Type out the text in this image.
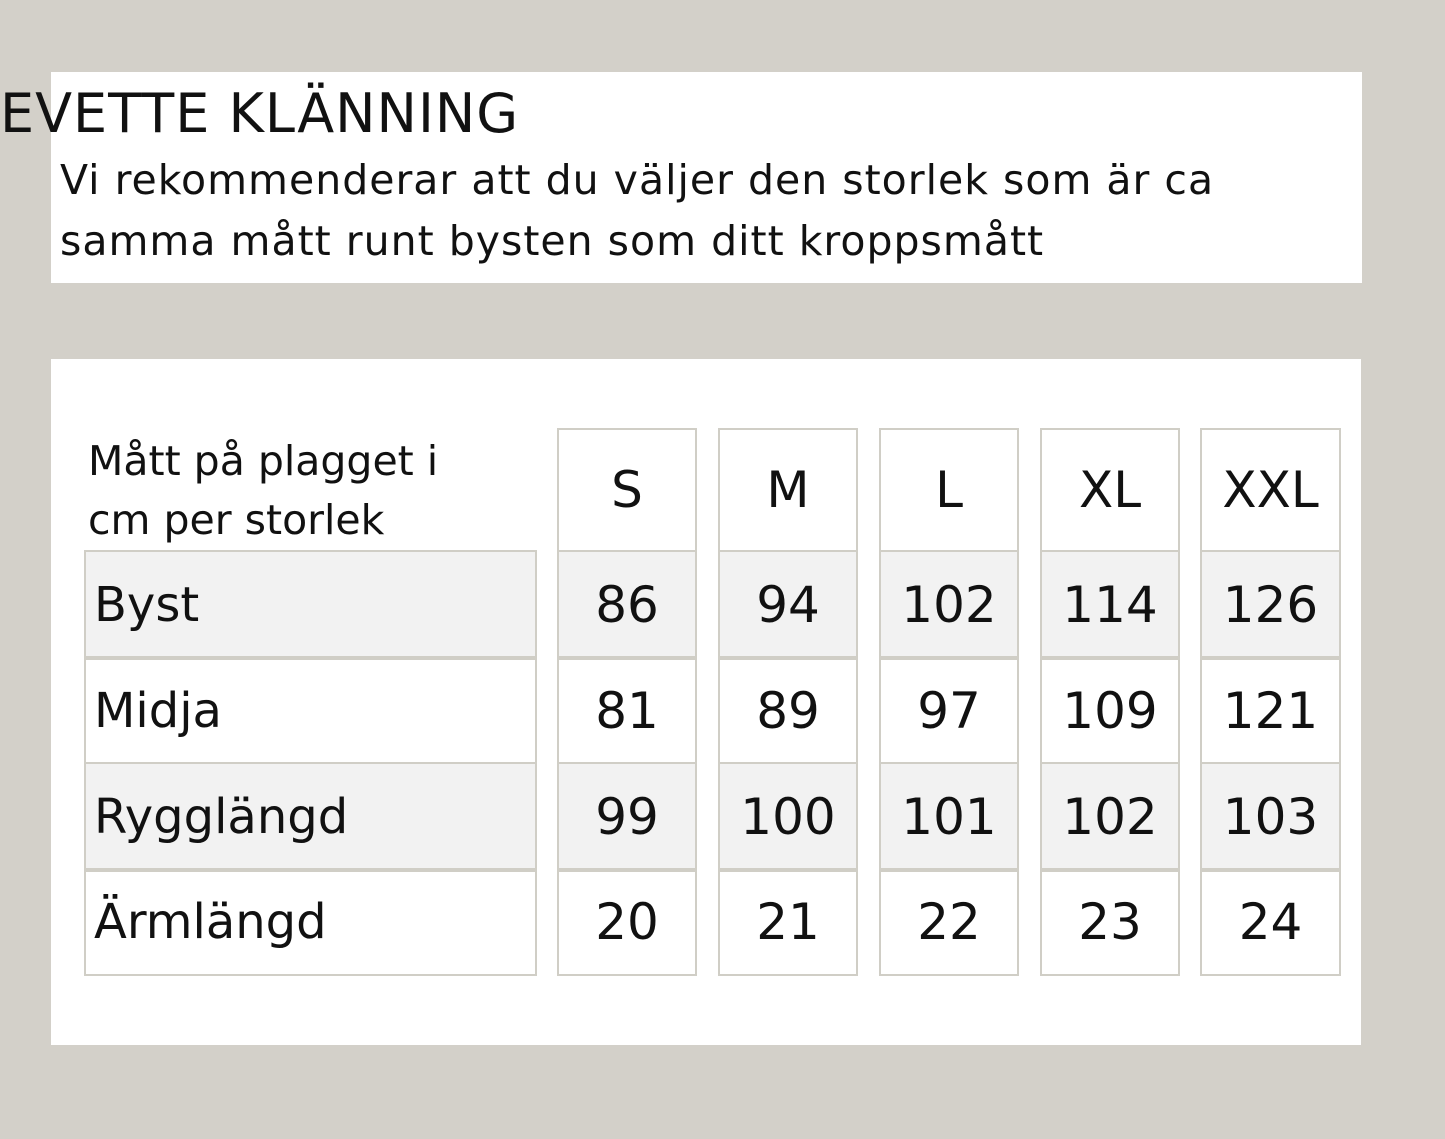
EVETTE KLÄNNING
Vi rekommenderar att du väljer den storlek som är ca
samma mått runt bysten som ditt kroppsmått
Mått på plagget i
cm per storlek
S	M	L	XL	XXL
Byst	86	94	102	114	126
Midja	81	89	97	109	121
Rygglängd	99	100	101	102	103
Ärmlängd	20	21	22	23	24
